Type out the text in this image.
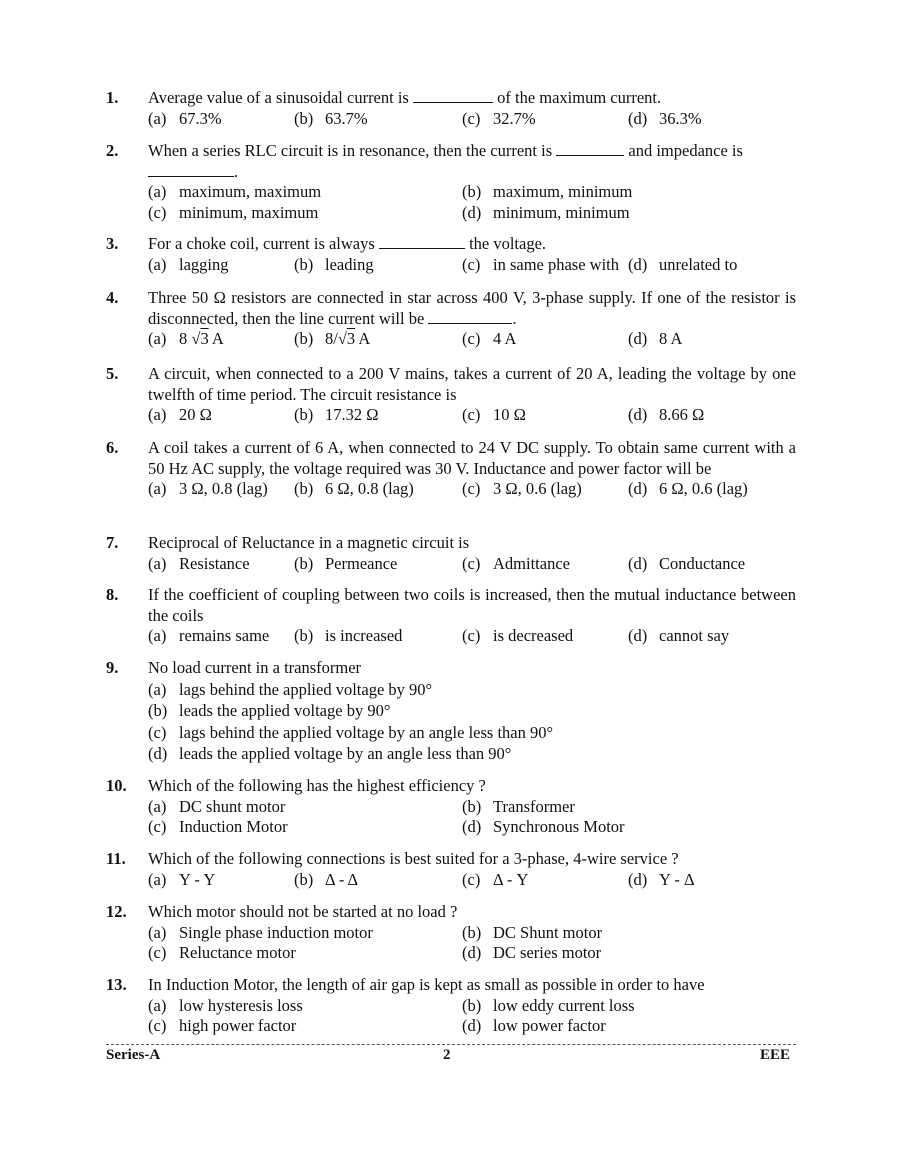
1.	Average value of a sinusoidal current is	of the maximum current.
(a) 67.3%	(b) 63.7%	(c) 32.7%	(d) 36.3%
2.	When a series RLC circuit is in resonance, then the current is	and impedance is
.
(a) maximum, maximum	(b) maximum, minimum
(c) minimum, maximum	(d) minimum, minimum
3.	For a choke coil, current is always	the voltage.
(a) lagging	(b) leading	(c) in same phase with (d) unrelated to
4.	Three 50 Ω resistors are connected in star across 400 V, 3-phase supply. If one of the resistor is disconnected, then the line current will be	.
(a) 8 √3 A	(b) 8/√3 A	(c) 4 A	(d) 8 A
5.	A circuit, when connected to a 200 V mains, takes a current of 20 A, leading the voltage by one twelfth of time period. The circuit resistance is
(a) 20 Ω	(b) 17.32 Ω	(c) 10 Ω	(d) 8.66 Ω
6.	A coil takes a current of 6 A, when connected to 24 V DC supply. To obtain same current with a 50 Hz AC supply, the voltage required was 30 V. Inductance and power factor will be
(a) 3 Ω, 0.8 (lag)	(b) 6 Ω, 0.8 (lag)	(c) 3 Ω, 0.6 (lag)	(d) 6 Ω, 0.6 (lag)
7.	Reciprocal of Reluctance in a magnetic circuit is
(a) Resistance	(b) Permeance	(c) Admittance	(d) Conductance
8.	If the coefficient of coupling between two coils is increased, then the mutual inductance between the coils
(a) remains same	(b) is increased	(c) is decreased	(d) cannot say
9.	No load current in a transformer
(a) lags behind the applied voltage by 90°
(b) leads the applied voltage by 90°
(c) lags behind the applied voltage by an angle less than 90°
(d) leads the applied voltage by an angle less than 90°
10.	Which of the following has the highest efficiency ?
(a) DC shunt motor	(b) Transformer
(c) Induction Motor	(d) Synchronous Motor
11.	Which of the following connections is best suited for a 3-phase, 4-wire service ?
(a) Y - Y	(b) Δ - Δ	(c) Δ - Y	(d) Y - Δ
12.	Which motor should not be started at no load ?
(a) Single phase induction motor	(b) DC Shunt motor
(c) Reluctance motor	(d) DC series motor
13.	In Induction Motor, the length of air gap is kept as small as possible in order to have
(a) low hysteresis loss	(b) low eddy current loss
(c) high power factor	(d) low power factor
Series-A	2	EEE
